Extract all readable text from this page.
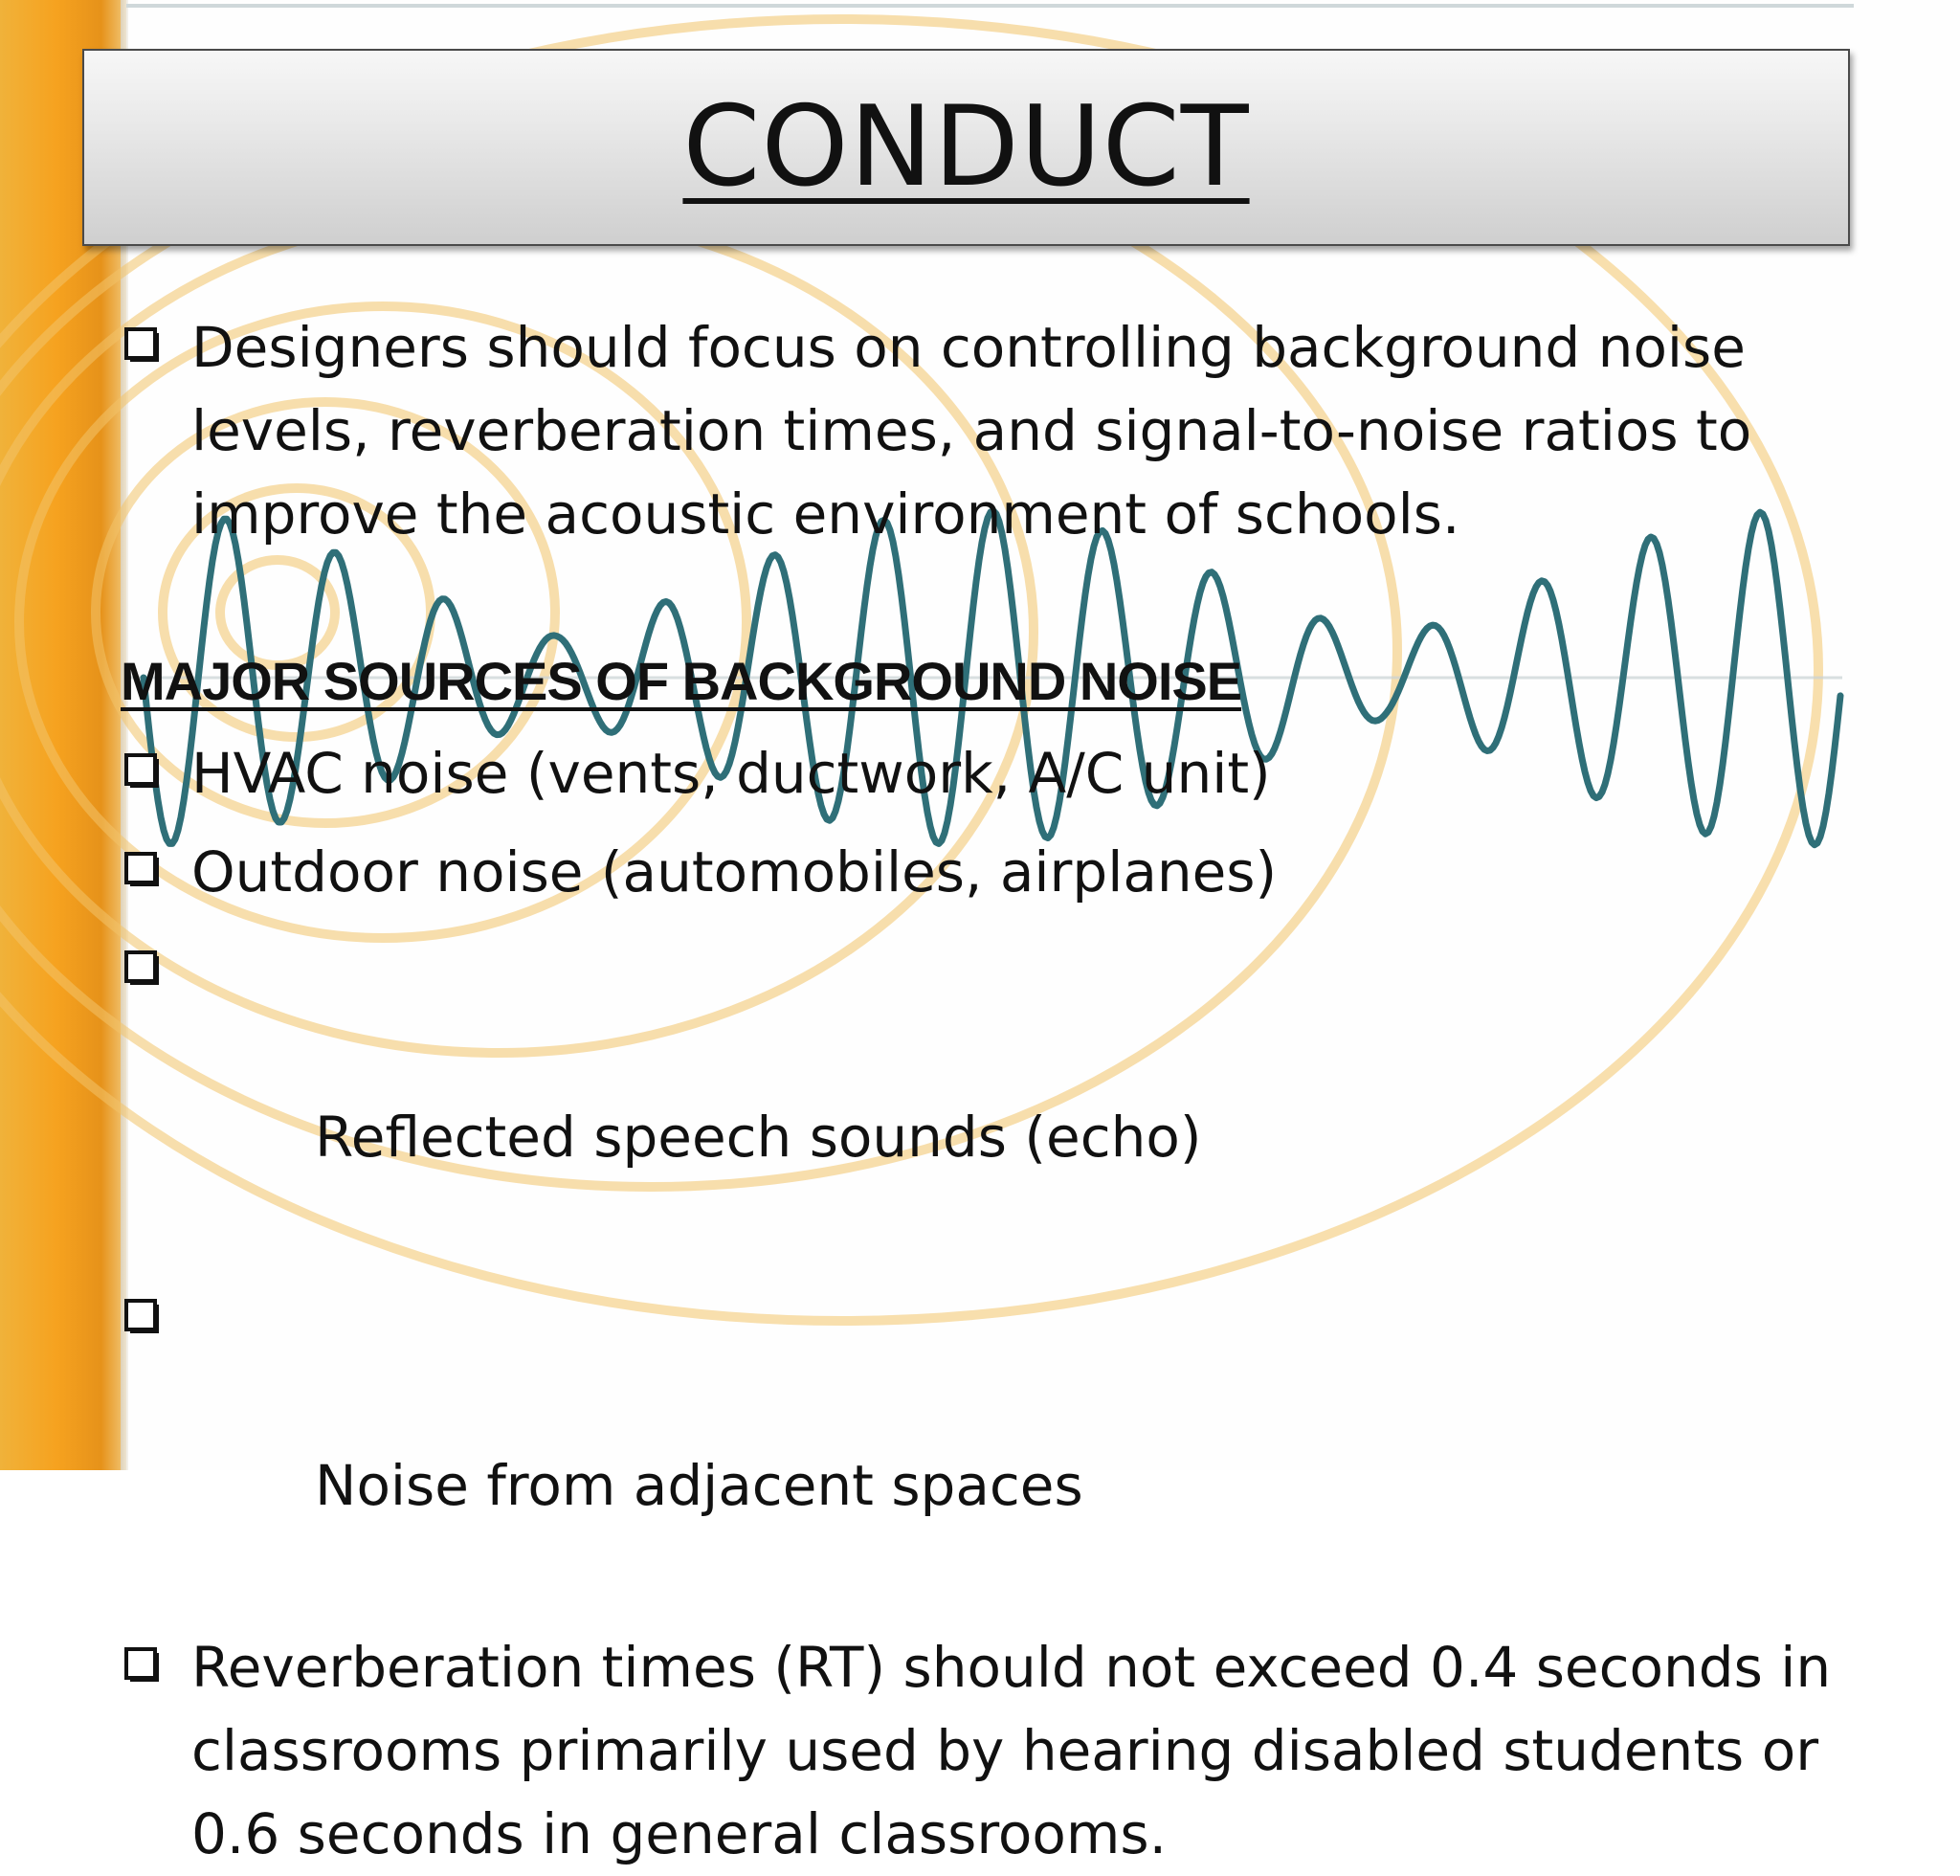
CONDUCT
Designers should focus on controlling background noise levels, reverberation times, and signal-to-noise ratios to improve the acoustic environment of schools.
MAJOR SOURCES OF BACKGROUND NOISE
HVAC noise (vents, ductwork, A/C unit)
Outdoor noise (automobiles, airplanes)

Reflected speech sounds (echo)

Noise from adjacent spaces

Reverberation times (RT) should not exceed 0.4 seconds in classrooms primarily used by hearing disabled students or 0.6 seconds in general classrooms.
